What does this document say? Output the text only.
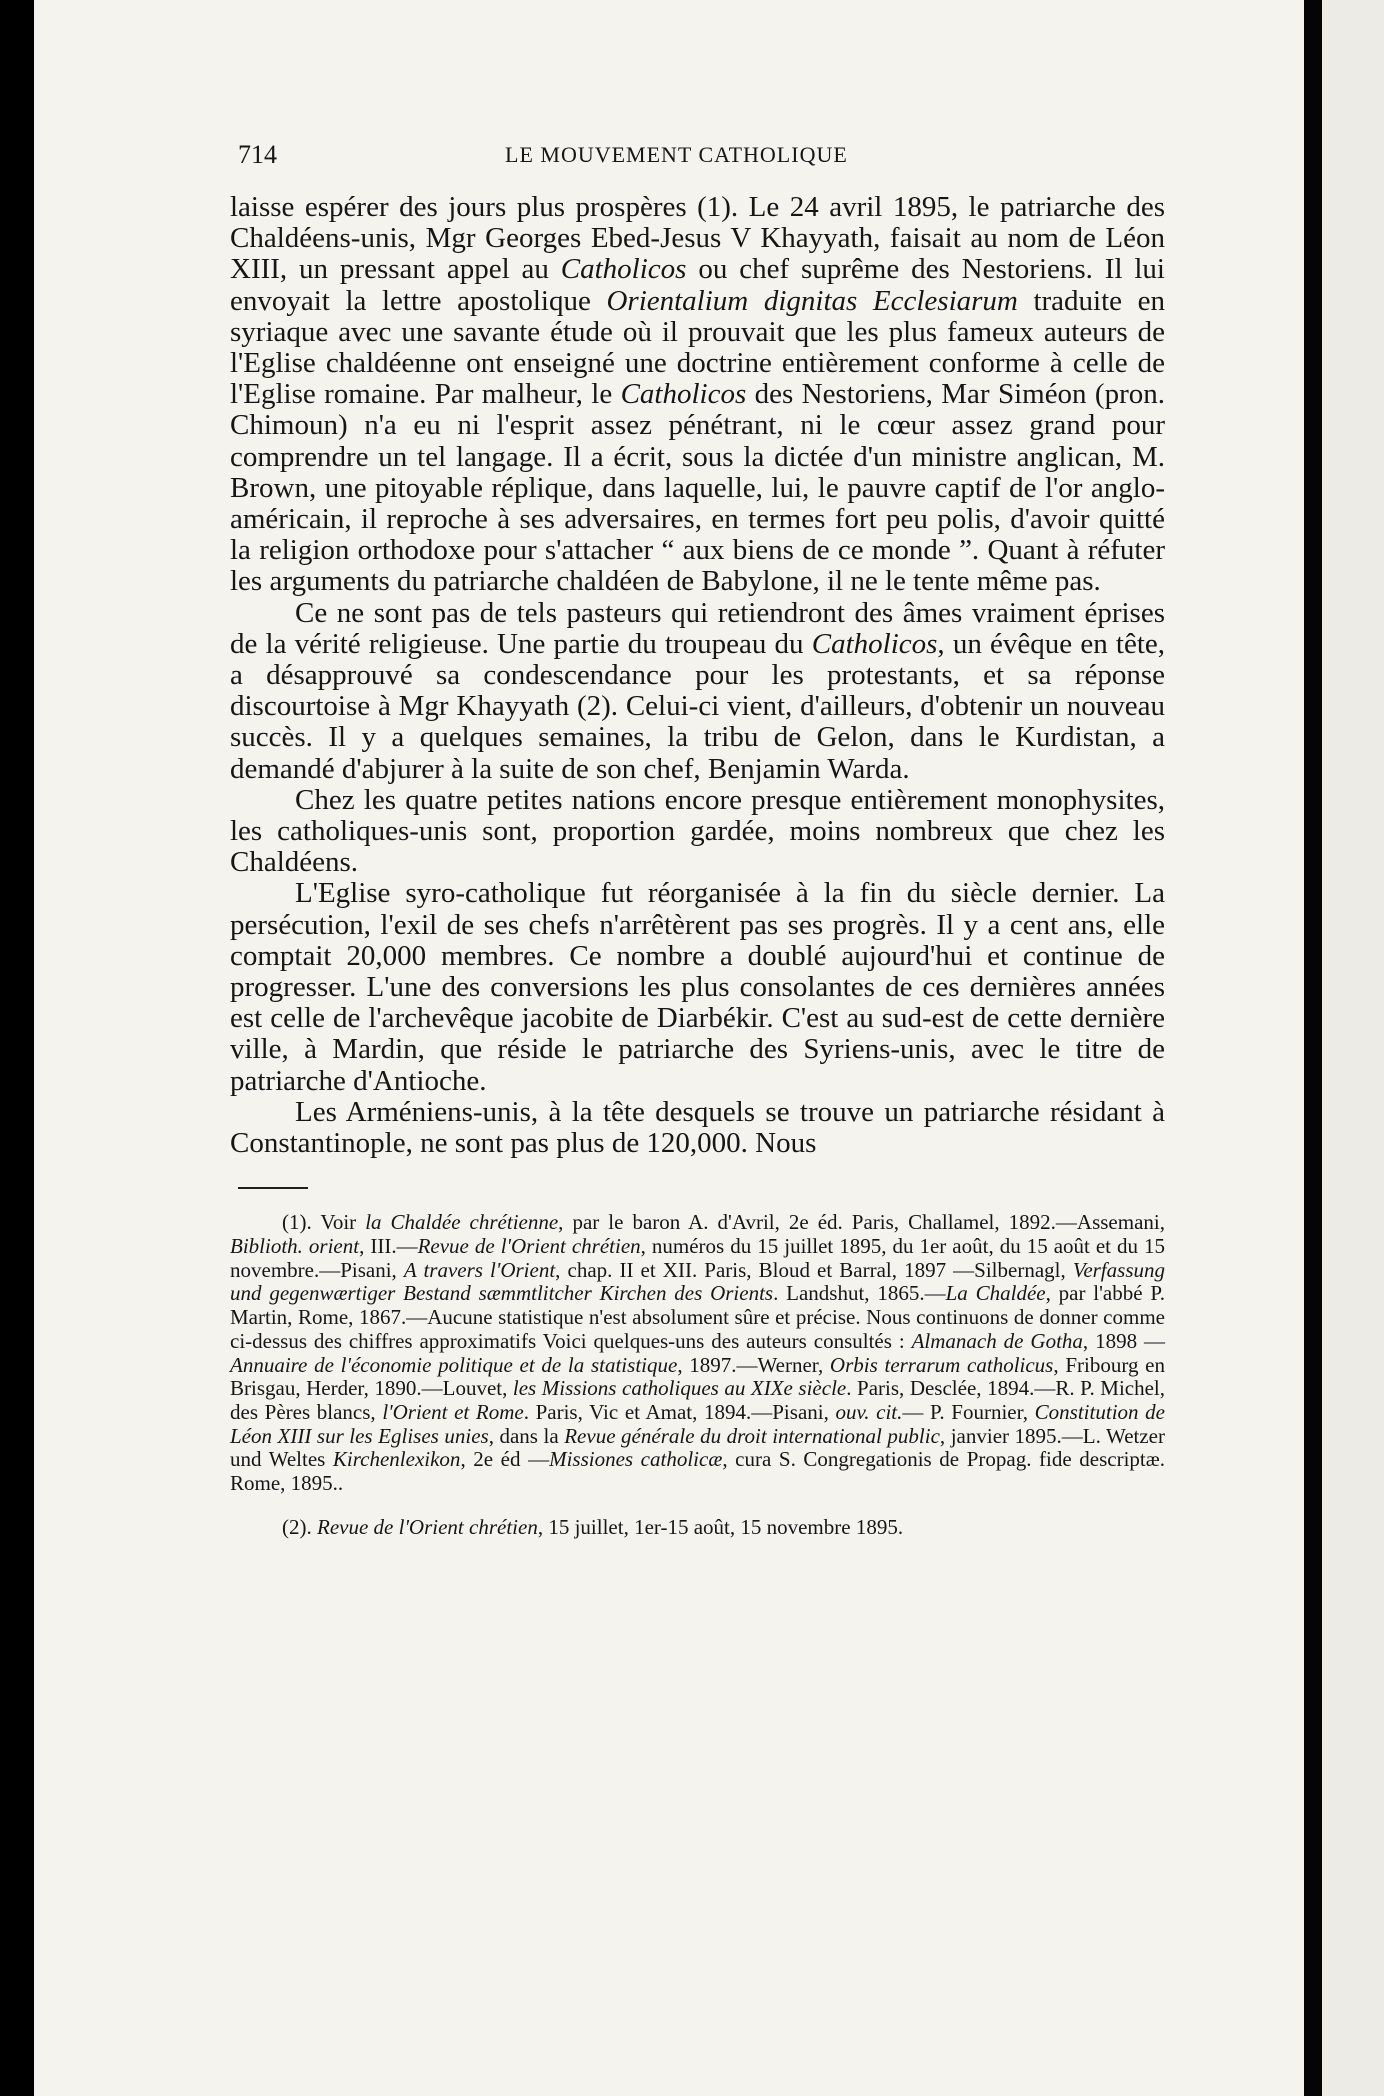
714	LE MOUVEMENT CATHOLIQUE

laisse espérer des jours plus prospères (1). Le 24 avril 1895, le patriarche des Chaldéens-unis, Mgr Georges Ebed-Jesus V Khayyath, faisait au nom de Léon XIII, un pressant appel au Catholicos ou chef suprême des Nestoriens. Il lui envoyait la lettre apostolique Orientalium dignitas Ecclesiarum traduite en syriaque avec une savante étude où il prouvait que les plus fameux auteurs de l'Eglise chaldéenne ont enseigné une doctrine entièrement conforme à celle de l'Eglise romaine. Par malheur, le Catholicos des Nestoriens, Mar Siméon (pron. Chimoun) n'a eu ni l'esprit assez pénétrant, ni le cœur assez grand pour comprendre un tel langage. Il a écrit, sous la dictée d'un ministre anglican, M. Brown, une pitoyable réplique, dans laquelle, lui, le pauvre captif de l'or anglo-américain, il reproche à ses adversaires, en termes fort peu polis, d'avoir quitté la religion orthodoxe pour s'attacher “ aux biens de ce monde ”. Quant à réfuter les arguments du patriarche chaldéen de Babylone, il ne le tente même pas.

Ce ne sont pas de tels pasteurs qui retiendront des âmes vraiment éprises de la vérité religieuse. Une partie du troupeau du Catholicos, un évêque en tête, a désapprouvé sa condescendance pour les protestants, et sa réponse discourtoise à Mgr Khayyath (2). Celui-ci vient, d'ailleurs, d'obtenir un nouveau succès. Il y a quelques semaines, la tribu de Gelon, dans le Kurdistan, a demandé d'abjurer à la suite de son chef, Benjamin Warda.

Chez les quatre petites nations encore presque entièrement monophysites, les catholiques-unis sont, proportion gardée, moins nombreux que chez les Chaldéens.

L'Eglise syro-catholique fut réorganisée à la fin du siècle dernier. La persécution, l'exil de ses chefs n'arrêtèrent pas ses progrès. Il y a cent ans, elle comptait 20,000 membres. Ce nombre a doublé aujourd'hui et continue de progresser. L'une des conversions les plus consolantes de ces dernières années est celle de l'archevêque jacobite de Diarbékir. C'est au sud-est de cette dernière ville, à Mardin, que réside le patriarche des Syriens-unis, avec le titre de patriarche d'Antioche.

Les Arméniens-unis, à la tête desquels se trouve un patriarche résidant à Constantinople, ne sont pas plus de 120,000. Nous

(1). Voir la Chaldée chrétienne, par le baron A. d'Avril, 2e éd. Paris, Challamel, 1892.—Assemani, Biblioth. orient, III.—Revue de l'Orient chrétien, numéros du 15 juillet 1895, du 1er août, du 15 août et du 15 novembre.—Pisani, A travers l'Orient, chap. II et XII. Paris, Bloud et Barral, 1897 —Silbernagl, Verfassung und gegenwærtiger Bestand sæmmtlitcher Kirchen des Orients. Landshut, 1865.—La Chaldée, par l'abbé P. Martin, Rome, 1867.—Aucune statistique n'est absolument sûre et précise. Nous continuons de donner comme ci-dessus des chiffres approximatifs Voici quelques-uns des auteurs consultés : Almanach de Gotha, 1898 —Annuaire de l'économie politique et de la statistique, 1897.—Werner, Orbis terrarum catholicus, Fribourg en Brisgau, Herder, 1890.—Louvet, les Missions catholiques au XIXe siècle. Paris, Desclée, 1894.—R. P. Michel, des Pères blancs, l'Orient et Rome. Paris, Vic et Amat, 1894.—Pisani, ouv. cit.— P. Fournier, Constitution de Léon XIII sur les Eglises unies, dans la Revue générale du droit international public, janvier 1895.—L. Wetzer und Weltes Kirchenlexikon, 2e éd —Missiones catholicæ, cura S. Congregationis de Propag. fide descriptæ. Rome, 1895..

(2). Revue de l'Orient chrétien, 15 juillet, 1er-15 août, 15 novembre 1895.
